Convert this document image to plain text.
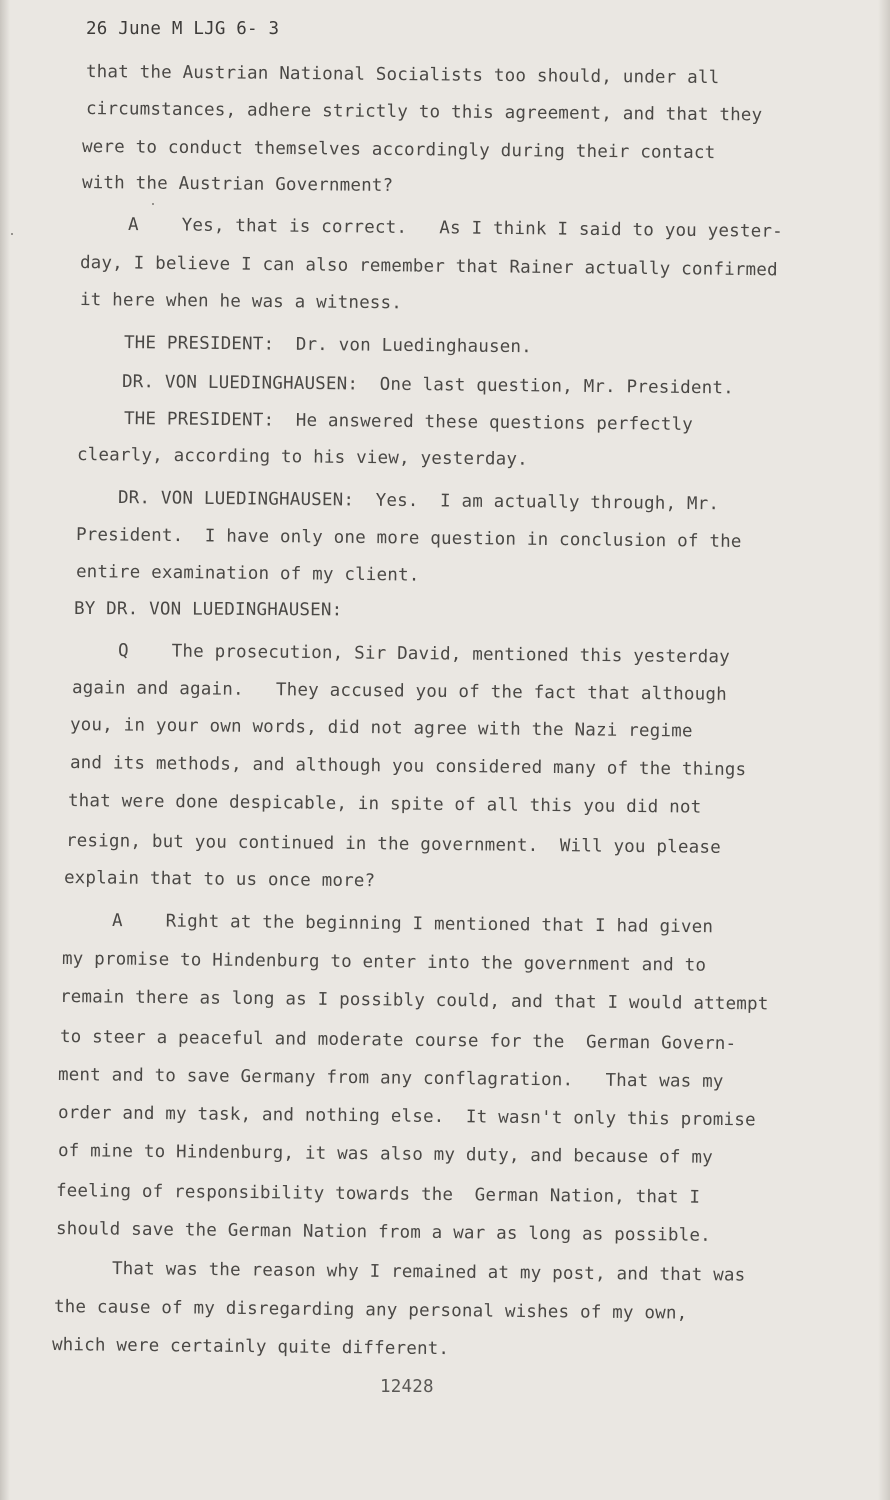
26 June M LJG 6- 3
that the Austrian National Socialists too should, under all
circumstances, adhere strictly to this agreement, and that they
were to conduct themselves accordingly during their contact
with the Austrian Government?
A    Yes, that is correct.   As I think I said to you yester-
day, I believe I can also remember that Rainer actually confirmed
it here when he was a witness.
THE PRESIDENT:  Dr. von Luedinghausen.
DR. VON LUEDINGHAUSEN:  One last question, Mr. President.
THE PRESIDENT:  He answered these questions perfectly
clearly, according to his view, yesterday.
DR. VON LUEDINGHAUSEN:  Yes.  I am actually through, Mr.
President.  I have only one more question in conclusion of the
entire examination of my client.
BY DR. VON LUEDINGHAUSEN:
Q    The prosecution, Sir David, mentioned this yesterday
again and again.   They accused you of the fact that although
you, in your own words, did not agree with the Nazi regime
and its methods, and although you considered many of the things
that were done despicable, in spite of all this you did not
resign, but you continued in the government.  Will you please
explain that to us once more?
A    Right at the beginning I mentioned that I had given
my promise to Hindenburg to enter into the government and to
remain there as long as I possibly could, and that I would attempt
to steer a peaceful and moderate course for the  German Govern-
ment and to save Germany from any conflagration.   That was my
order and my task, and nothing else.  It wasn't only this promise
of mine to Hindenburg, it was also my duty, and because of my
feeling of responsibility towards the  German Nation, that I
should save the German Nation from a war as long as possible.
That was the reason why I remained at my post, and that was
the cause of my disregarding any personal wishes of my own,
which were certainly quite different.
12428
